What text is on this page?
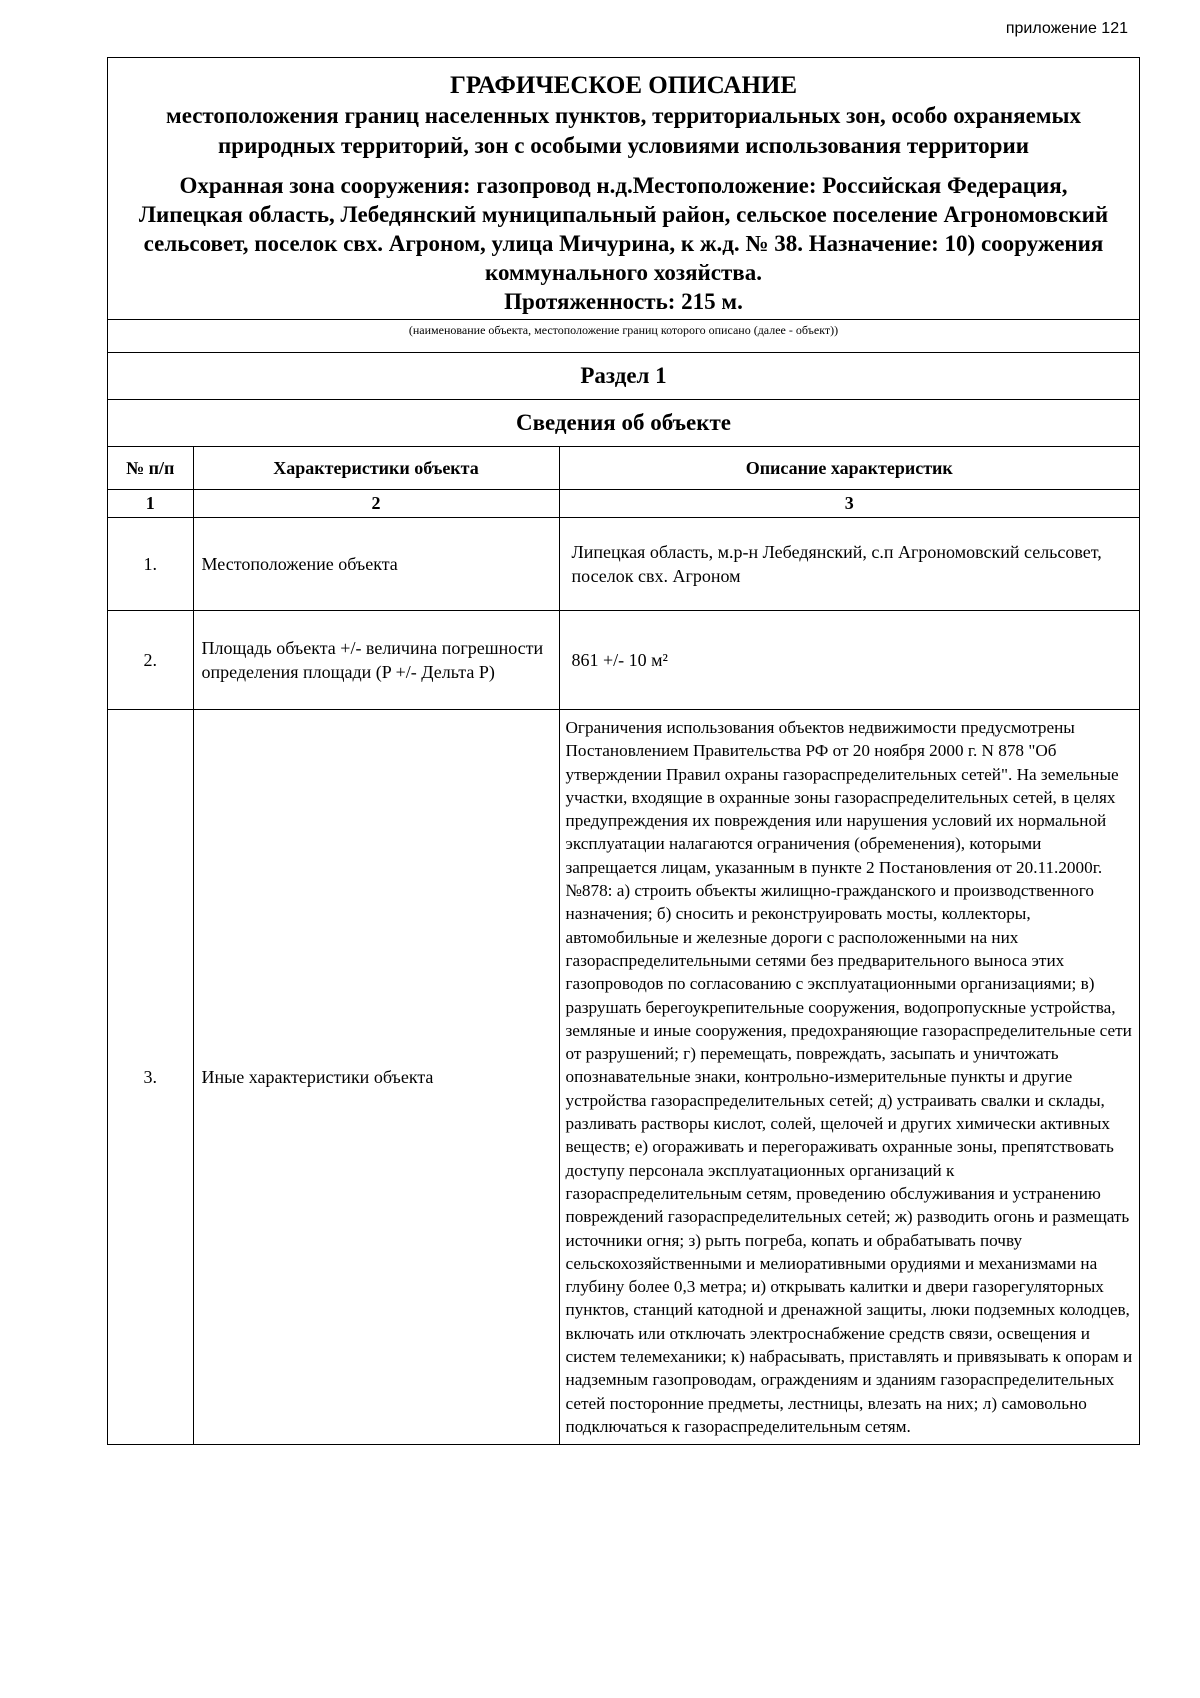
приложение 121
ГРАФИЧЕСКОЕ ОПИСАНИЕ
местоположения границ населенных пунктов, территориальных зон, особо охраняемых природных территорий, зон с особыми условиями использования территории

Охранная зона сооружения: газопровод н.д.Местоположение: Российская Федерация, Липецкая область, Лебедянский муниципальный район, сельское поселение Агрономовский сельсовет, поселок свх. Агроном, улица Мичурина, к ж.д. № 38. Назначение: 10) сооружения коммунального хозяйства.

Протяженность: 215 м.

(наименование объекта, местоположение границ которого описано (далее - объект))
Раздел 1
Сведения об объекте
№ п/п	Характеристики объекта	Описание характеристик
1	2	3
1.	Местоположение объекта	Липецкая область, м.р-н Лебедянский, с.п Агрономовский сельсовет, поселок свх. Агроном
2.	Площадь объекта +/- величина погрешности определения площади (P +/- Дельта P)	861 +/- 10 м²
3.	Иные характеристики объекта	Ограничения использования объектов недвижимости предусмотрены Постановлением Правительства РФ от 20 ноября 2000 г. N 878 "Об утверждении Правил охраны газораспределительных сетей". На земельные участки, входящие в охранные зоны газораспределительных сетей, в целях предупреждения их повреждения или нарушения условий их нормальной эксплуатации налагаются ограничения (обременения), которыми запрещается лицам, указанным в пункте 2 Постановления от 20.11.2000г. №878: а) строить объекты жилищно-гражданского и производственного назначения; б) сносить и реконструировать мосты, коллекторы, автомобильные и железные дороги с расположенными на них газораспределительными сетями без предварительного выноса этих газопроводов по согласованию с эксплуатационными организациями; в) разрушать берегоукрепительные сооружения, водопропускные устройства, земляные и иные сооружения, предохраняющие газораспределительные сети от разрушений; г) перемещать, повреждать, засыпать и уничтожать опознавательные знаки, контрольно-измерительные пункты и другие устройства газораспределительных сетей; д) устраивать свалки и склады, разливать растворы кислот, солей, щелочей и других химически активных веществ; е) огораживать и перегораживать охранные зоны, препятствовать доступу персонала эксплуатационных организаций к газораспределительным сетям, проведению обслуживания и устранению повреждений газораспределительных сетей; ж) разводить огонь и размещать источники огня; з) рыть погреба, копать и обрабатывать почву сельскохозяйственными и мелиоративными орудиями и механизмами на глубину более 0,3 метра; и) открывать калитки и двери газорегуляторных пунктов, станций катодной и дренажной защиты, люки подземных колодцев, включать или отключать электроснабжение средств связи, освещения и систем телемеханики; к) набрасывать, приставлять и привязывать к опорам и надземным газопроводам, ограждениям и зданиям газораспределительных сетей посторонние предметы, лестницы, влезать на них; л) самовольно подключаться к газораспределительным сетям.
